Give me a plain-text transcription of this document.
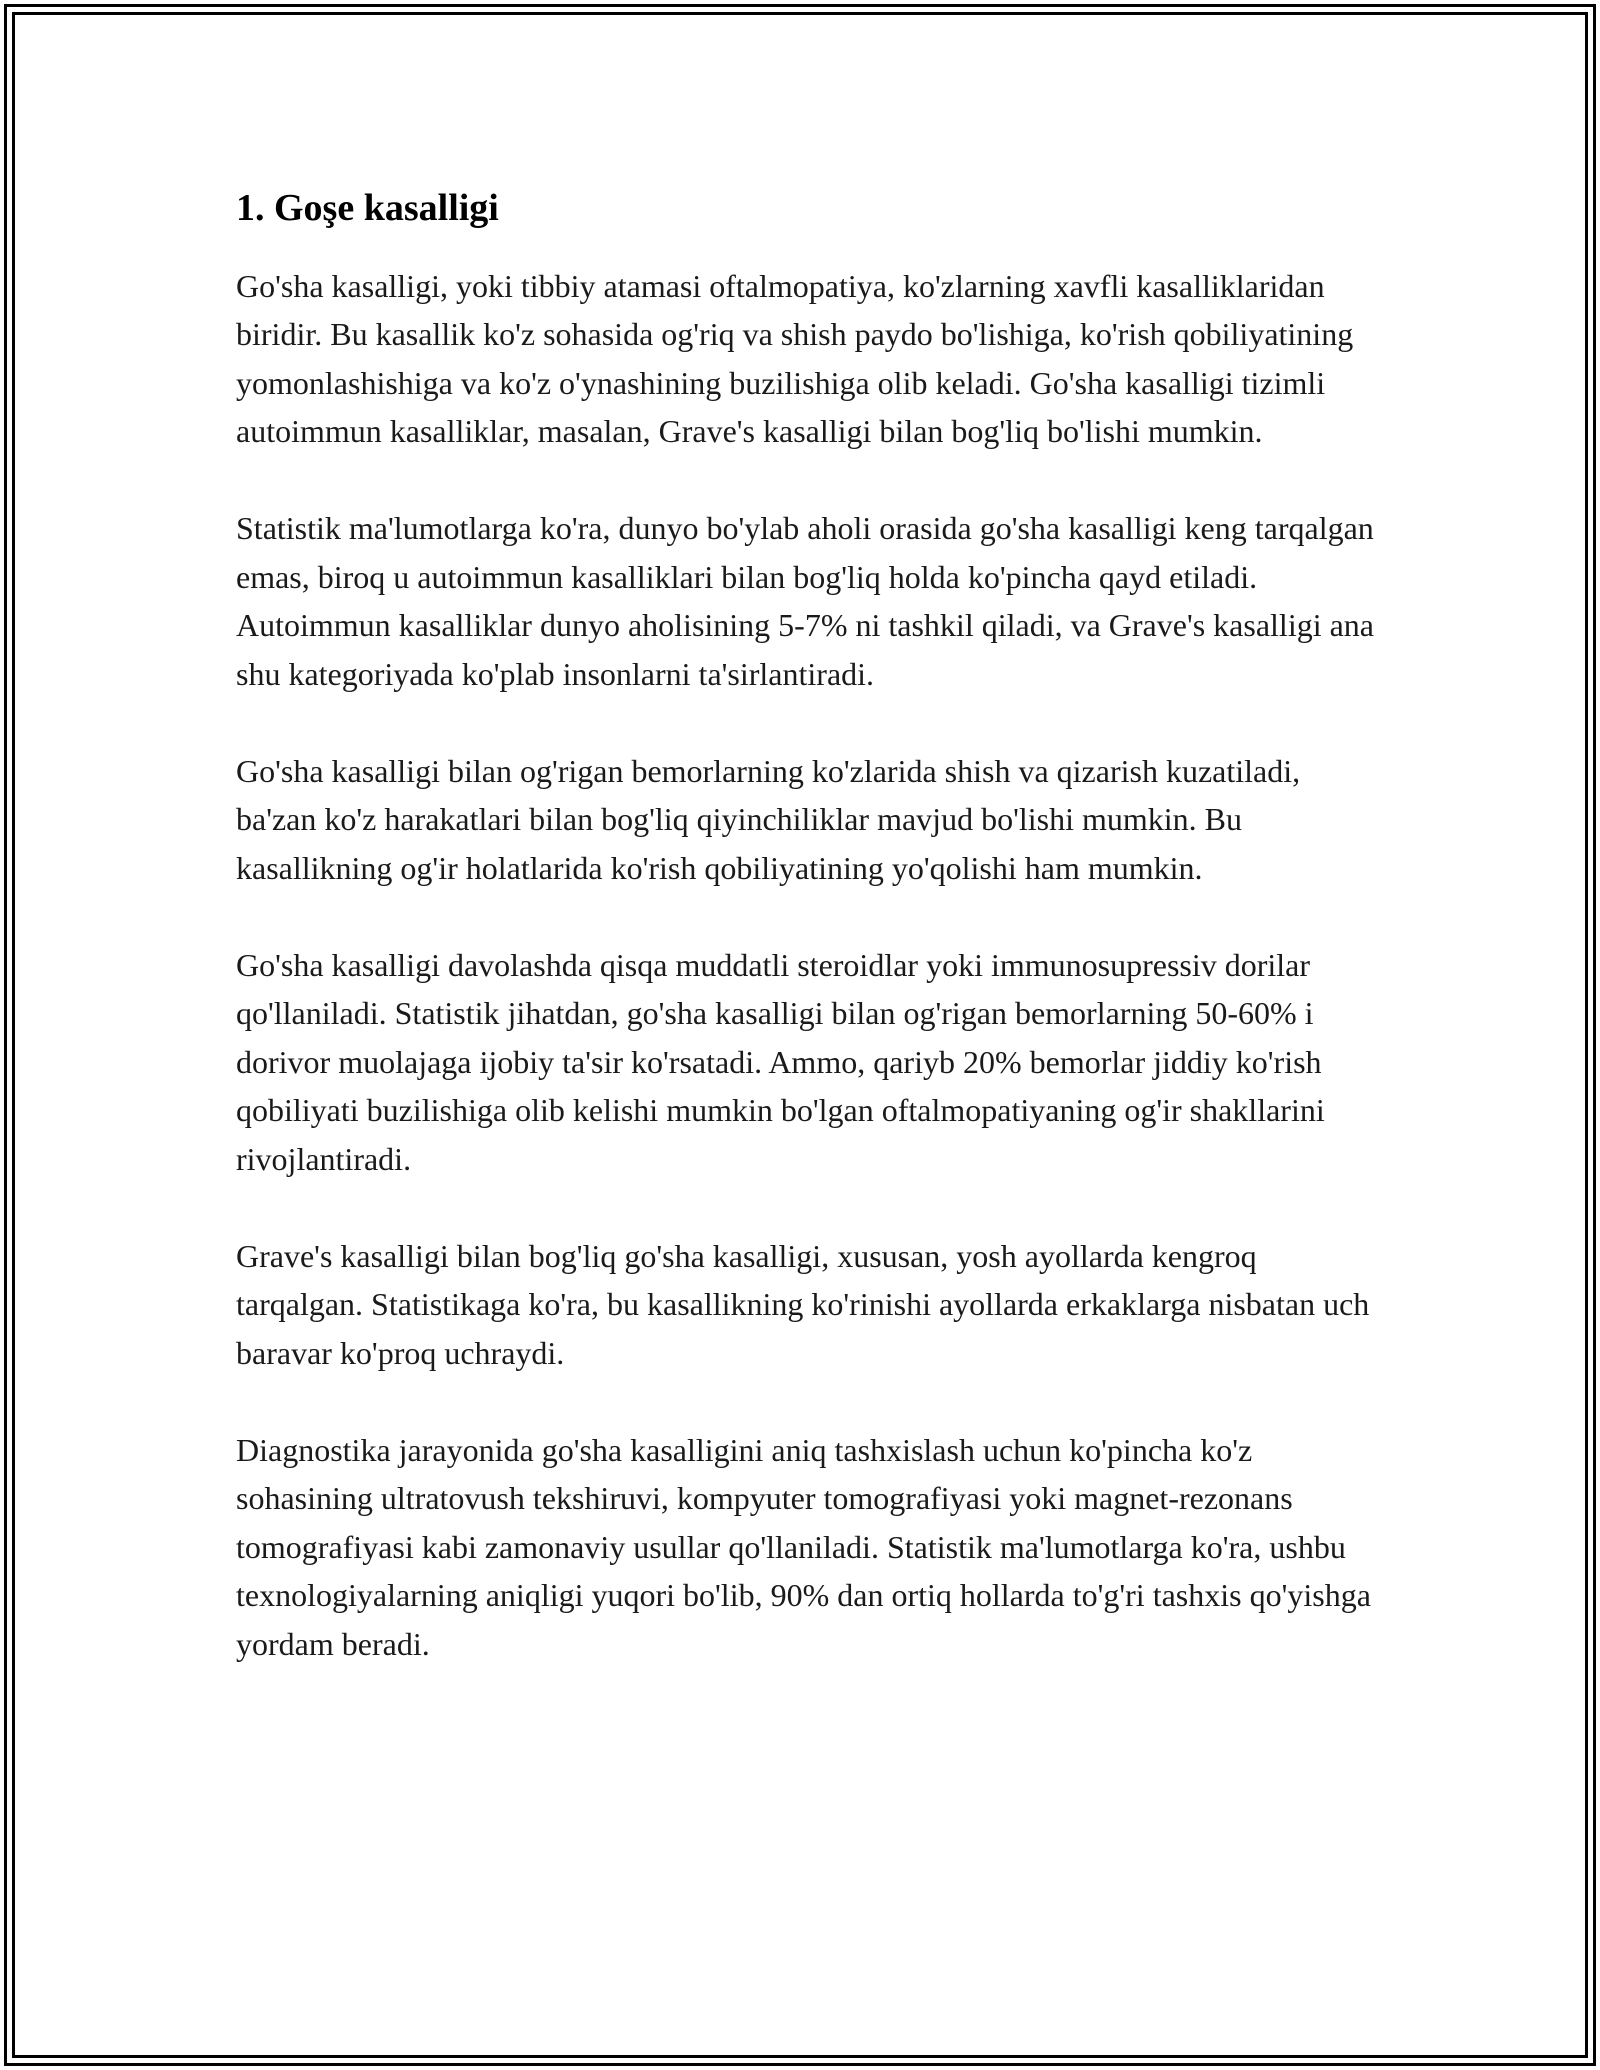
1. Goşe kasalligi

Go'sha kasalligi, yoki tibbiy atamasi oftalmopatiya, ko'zlarning xavfli kasalliklaridan biridir. Bu kasallik ko'z sohasida og'riq va shish paydo bo'lishiga, ko'rish qobiliyatining yomonlashishiga va ko'z o'ynashining buzilishiga olib keladi. Go'sha kasalligi tizimli autoimmun kasalliklar, masalan, Grave's kasalligi bilan bog'liq bo'lishi mumkin.

Statistik ma'lumotlarga ko'ra, dunyo bo'ylab aholi orasida go'sha kasalligi keng tarqalgan emas, biroq u autoimmun kasalliklari bilan bog'liq holda ko'pincha qayd etiladi. Autoimmun kasalliklar dunyo aholisining 5-7% ni tashkil qiladi, va Grave's kasalligi ana shu kategoriyada ko'plab insonlarni ta'sirlantiradi.

Go'sha kasalligi bilan og'rigan bemorlarning ko'zlarida shish va qizarish kuzatiladi, ba'zan ko'z harakatlari bilan bog'liq qiyinchiliklar mavjud bo'lishi mumkin. Bu kasallikning og'ir holatlarida ko'rish qobiliyatining yo'qolishi ham mumkin.

Go'sha kasalligi davolashda qisqa muddatli steroidlar yoki immunosupressiv dorilar qo'llaniladi. Statistik jihatdan, go'sha kasalligi bilan og'rigan bemorlarning 50-60% i dorivor muolajaga ijobiy ta'sir ko'rsatadi. Ammo, qariyb 20% bemorlar jiddiy ko'rish qobiliyati buzilishiga olib kelishi mumkin bo'lgan oftalmopatiyaning og'ir shakllarini rivojlantiradi.

Grave's kasalligi bilan bog'liq go'sha kasalligi, xususan, yosh ayollarda kengroq tarqalgan. Statistikaga ko'ra, bu kasallikning ko'rinishi ayollarda erkaklarga nisbatan uch baravar ko'proq uchraydi.

Diagnostika jarayonida go'sha kasalligini aniq tashxislash uchun ko'pincha ko'z sohasining ultratovush tekshiruvi, kompyuter tomografiyasi yoki magnet-rezonans tomografiyasi kabi zamonaviy usullar qo'llaniladi. Statistik ma'lumotlarga ko'ra, ushbu texnologiyalarning aniqligi yuqori bo'lib, 90% dan ortiq hollarda to'g'ri tashxis qo'yishga yordam beradi.
